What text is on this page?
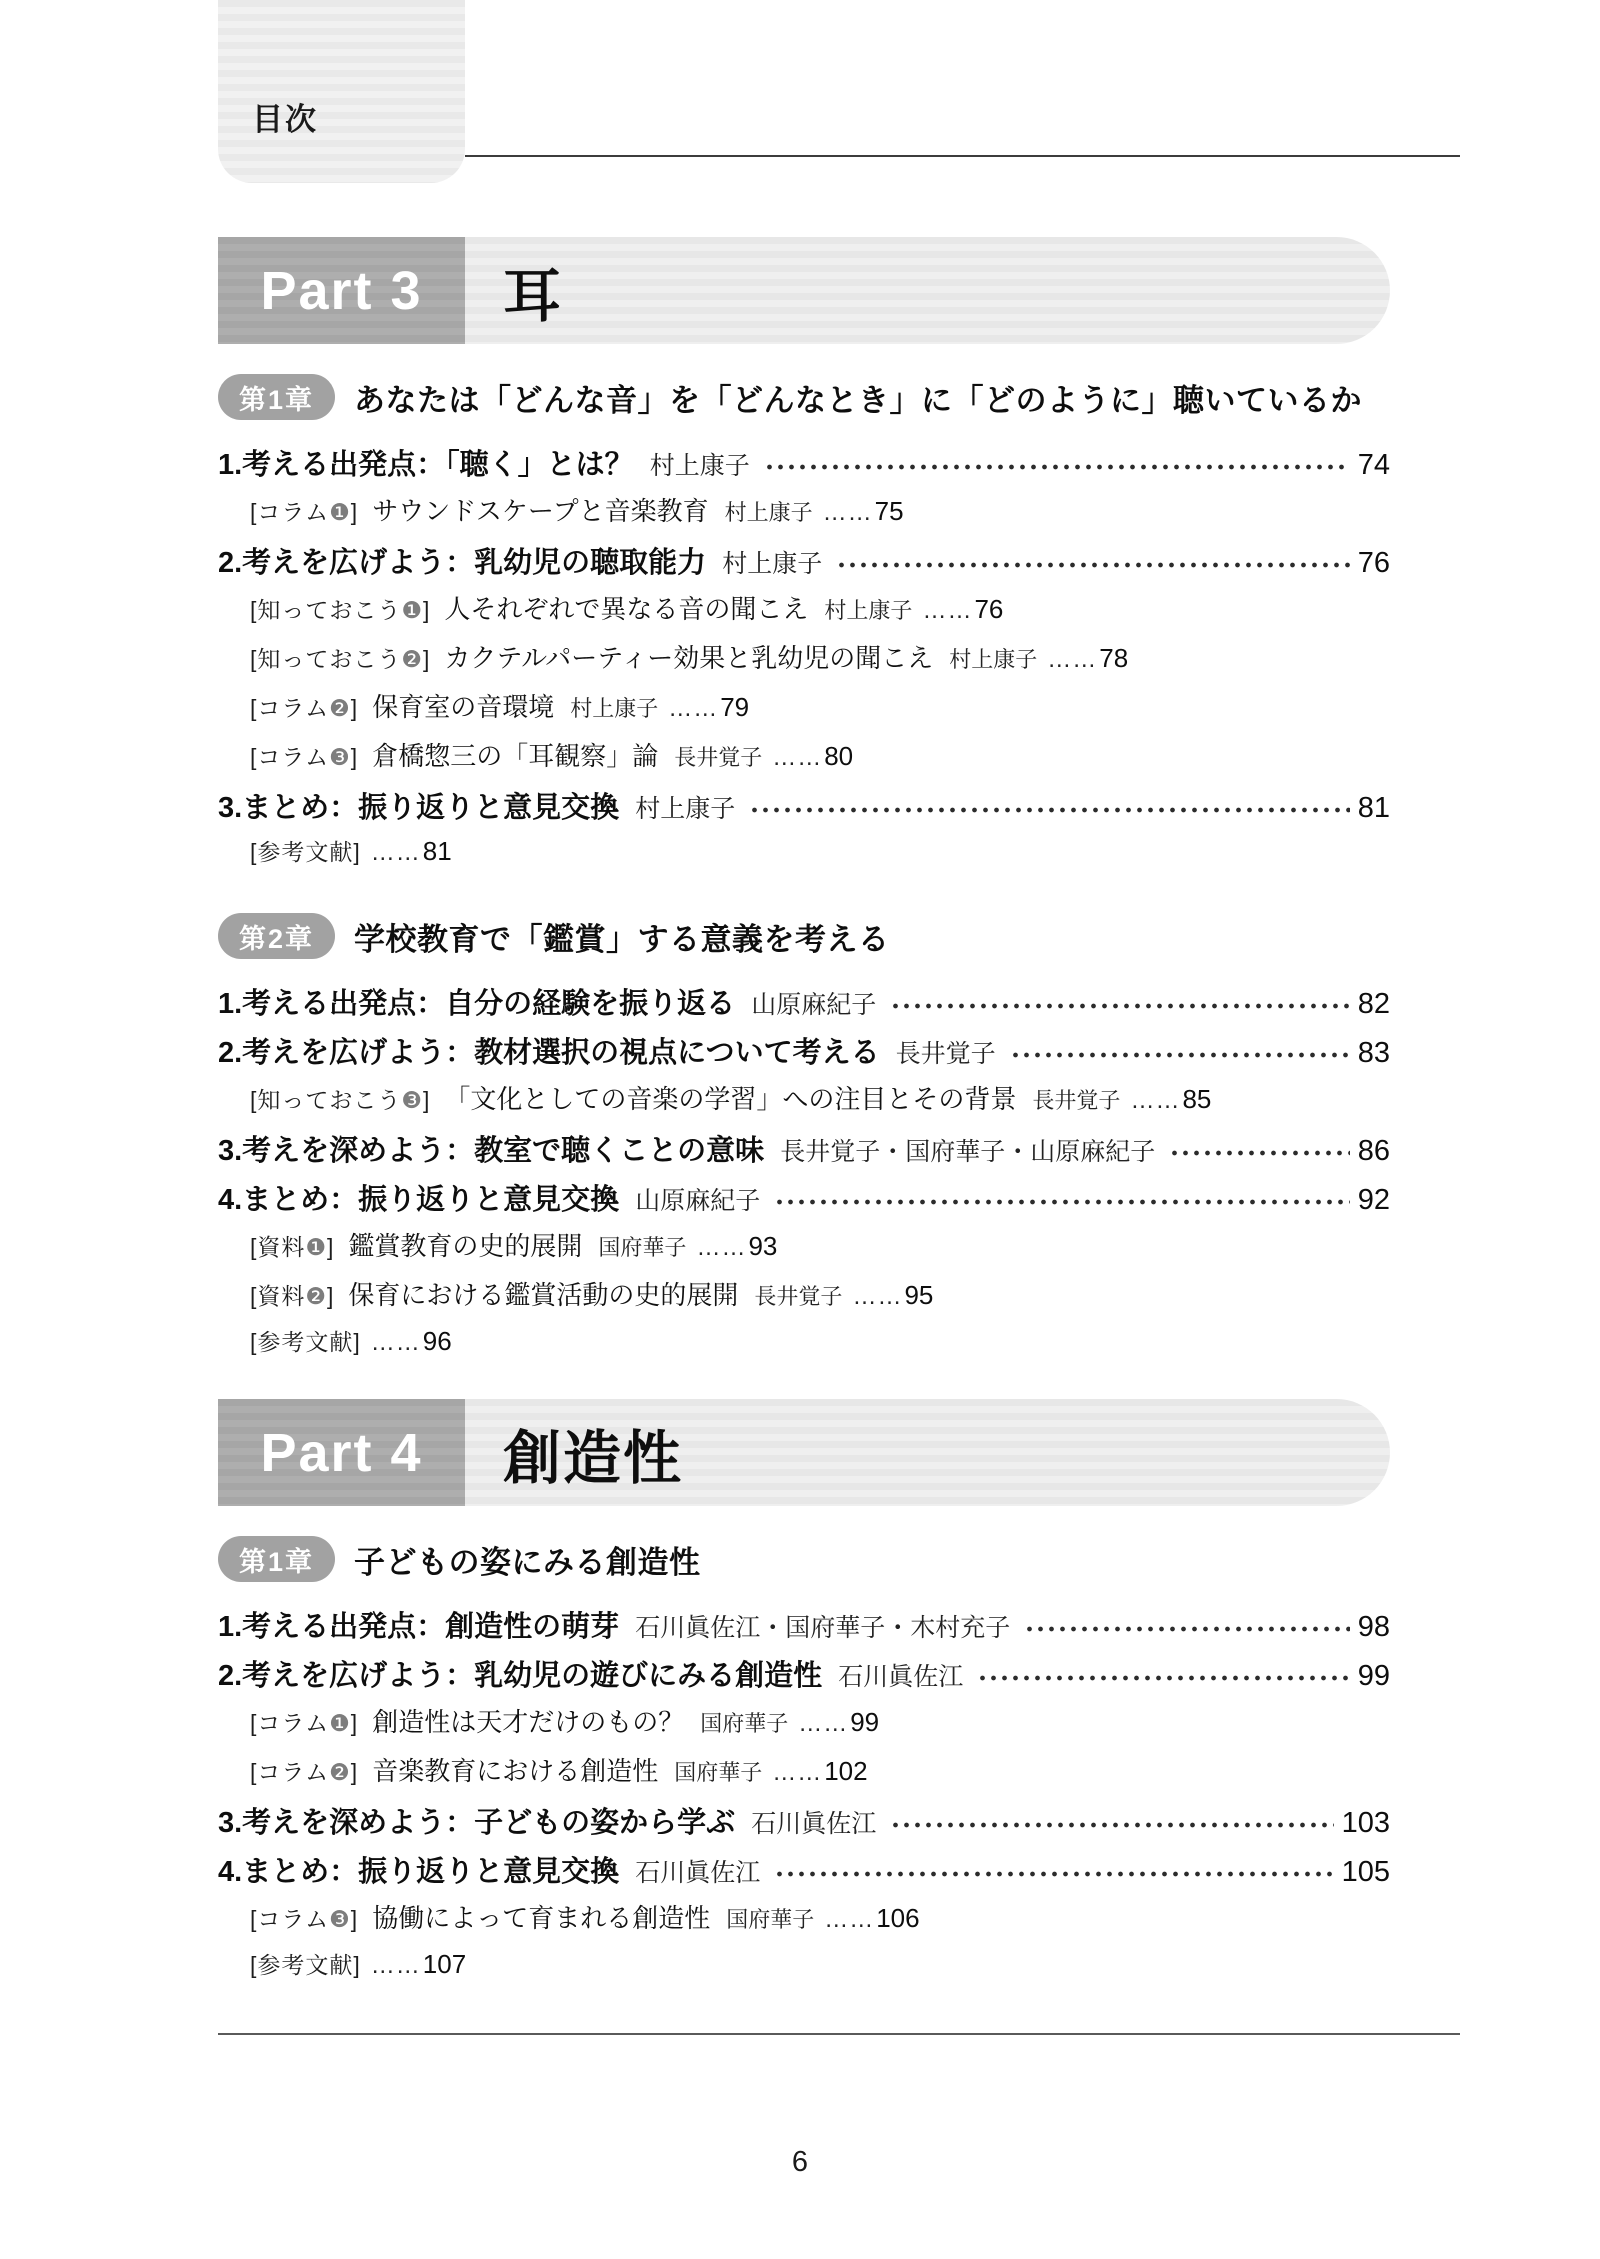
目次
Part 3 耳
第1章	あなたは「どんな音」を「どんなとき」に「どのように」聴いているか
1.考える出発点：「聴く」とは？ 村上康子	74
[コラム❶] サウンドスケープと音楽教育 村上康子 …… 75
2.考えを広げよう：乳幼児の聴取能力 村上康子	76
[知っておこう❶] 人それぞれで異なる音の聞こえ 村上康子 …… 76
[知っておこう❷] カクテルパーティー効果と乳幼児の聞こえ 村上康子 …… 78
[コラム❷] 保育室の音環境 村上康子 …… 79
[コラム❸] 倉橋惣三の「耳観察」論 長井覚子 …… 80
3.まとめ：振り返りと意見交換 村上康子	81
[参考文献] …… 81
第2章	学校教育で「鑑賞」する意義を考える
1.考える出発点：自分の経験を振り返る 山原麻紀子	82
2.考えを広げよう：教材選択の視点について考える 長井覚子	83
[知っておこう❸] 「文化としての音楽の学習」への注目とその背景 長井覚子 …… 85
3.考えを深めよう：教室で聴くことの意味 長井覚子・国府華子・山原麻紀子	86
4.まとめ：振り返りと意見交換 山原麻紀子	92
[資料❶] 鑑賞教育の史的展開 国府華子 …… 93
[資料❷] 保育における鑑賞活動の史的展開 長井覚子 …… 95
[参考文献] …… 96
Part 4 創造性
第1章	子どもの姿にみる創造性
1.考える出発点：創造性の萌芽 石川眞佐江・国府華子・木村充子	98
2.考えを広げよう：乳幼児の遊びにみる創造性 石川眞佐江	99
[コラム❶] 創造性は天才だけのもの？ 国府華子 …… 99
[コラム❷] 音楽教育における創造性 国府華子 …… 102
3.考えを深めよう：子どもの姿から学ぶ 石川眞佐江	103
4.まとめ：振り返りと意見交換 石川眞佐江	105
[コラム❸] 協働によって育まれる創造性 国府華子 …… 106
[参考文献] …… 107
6
